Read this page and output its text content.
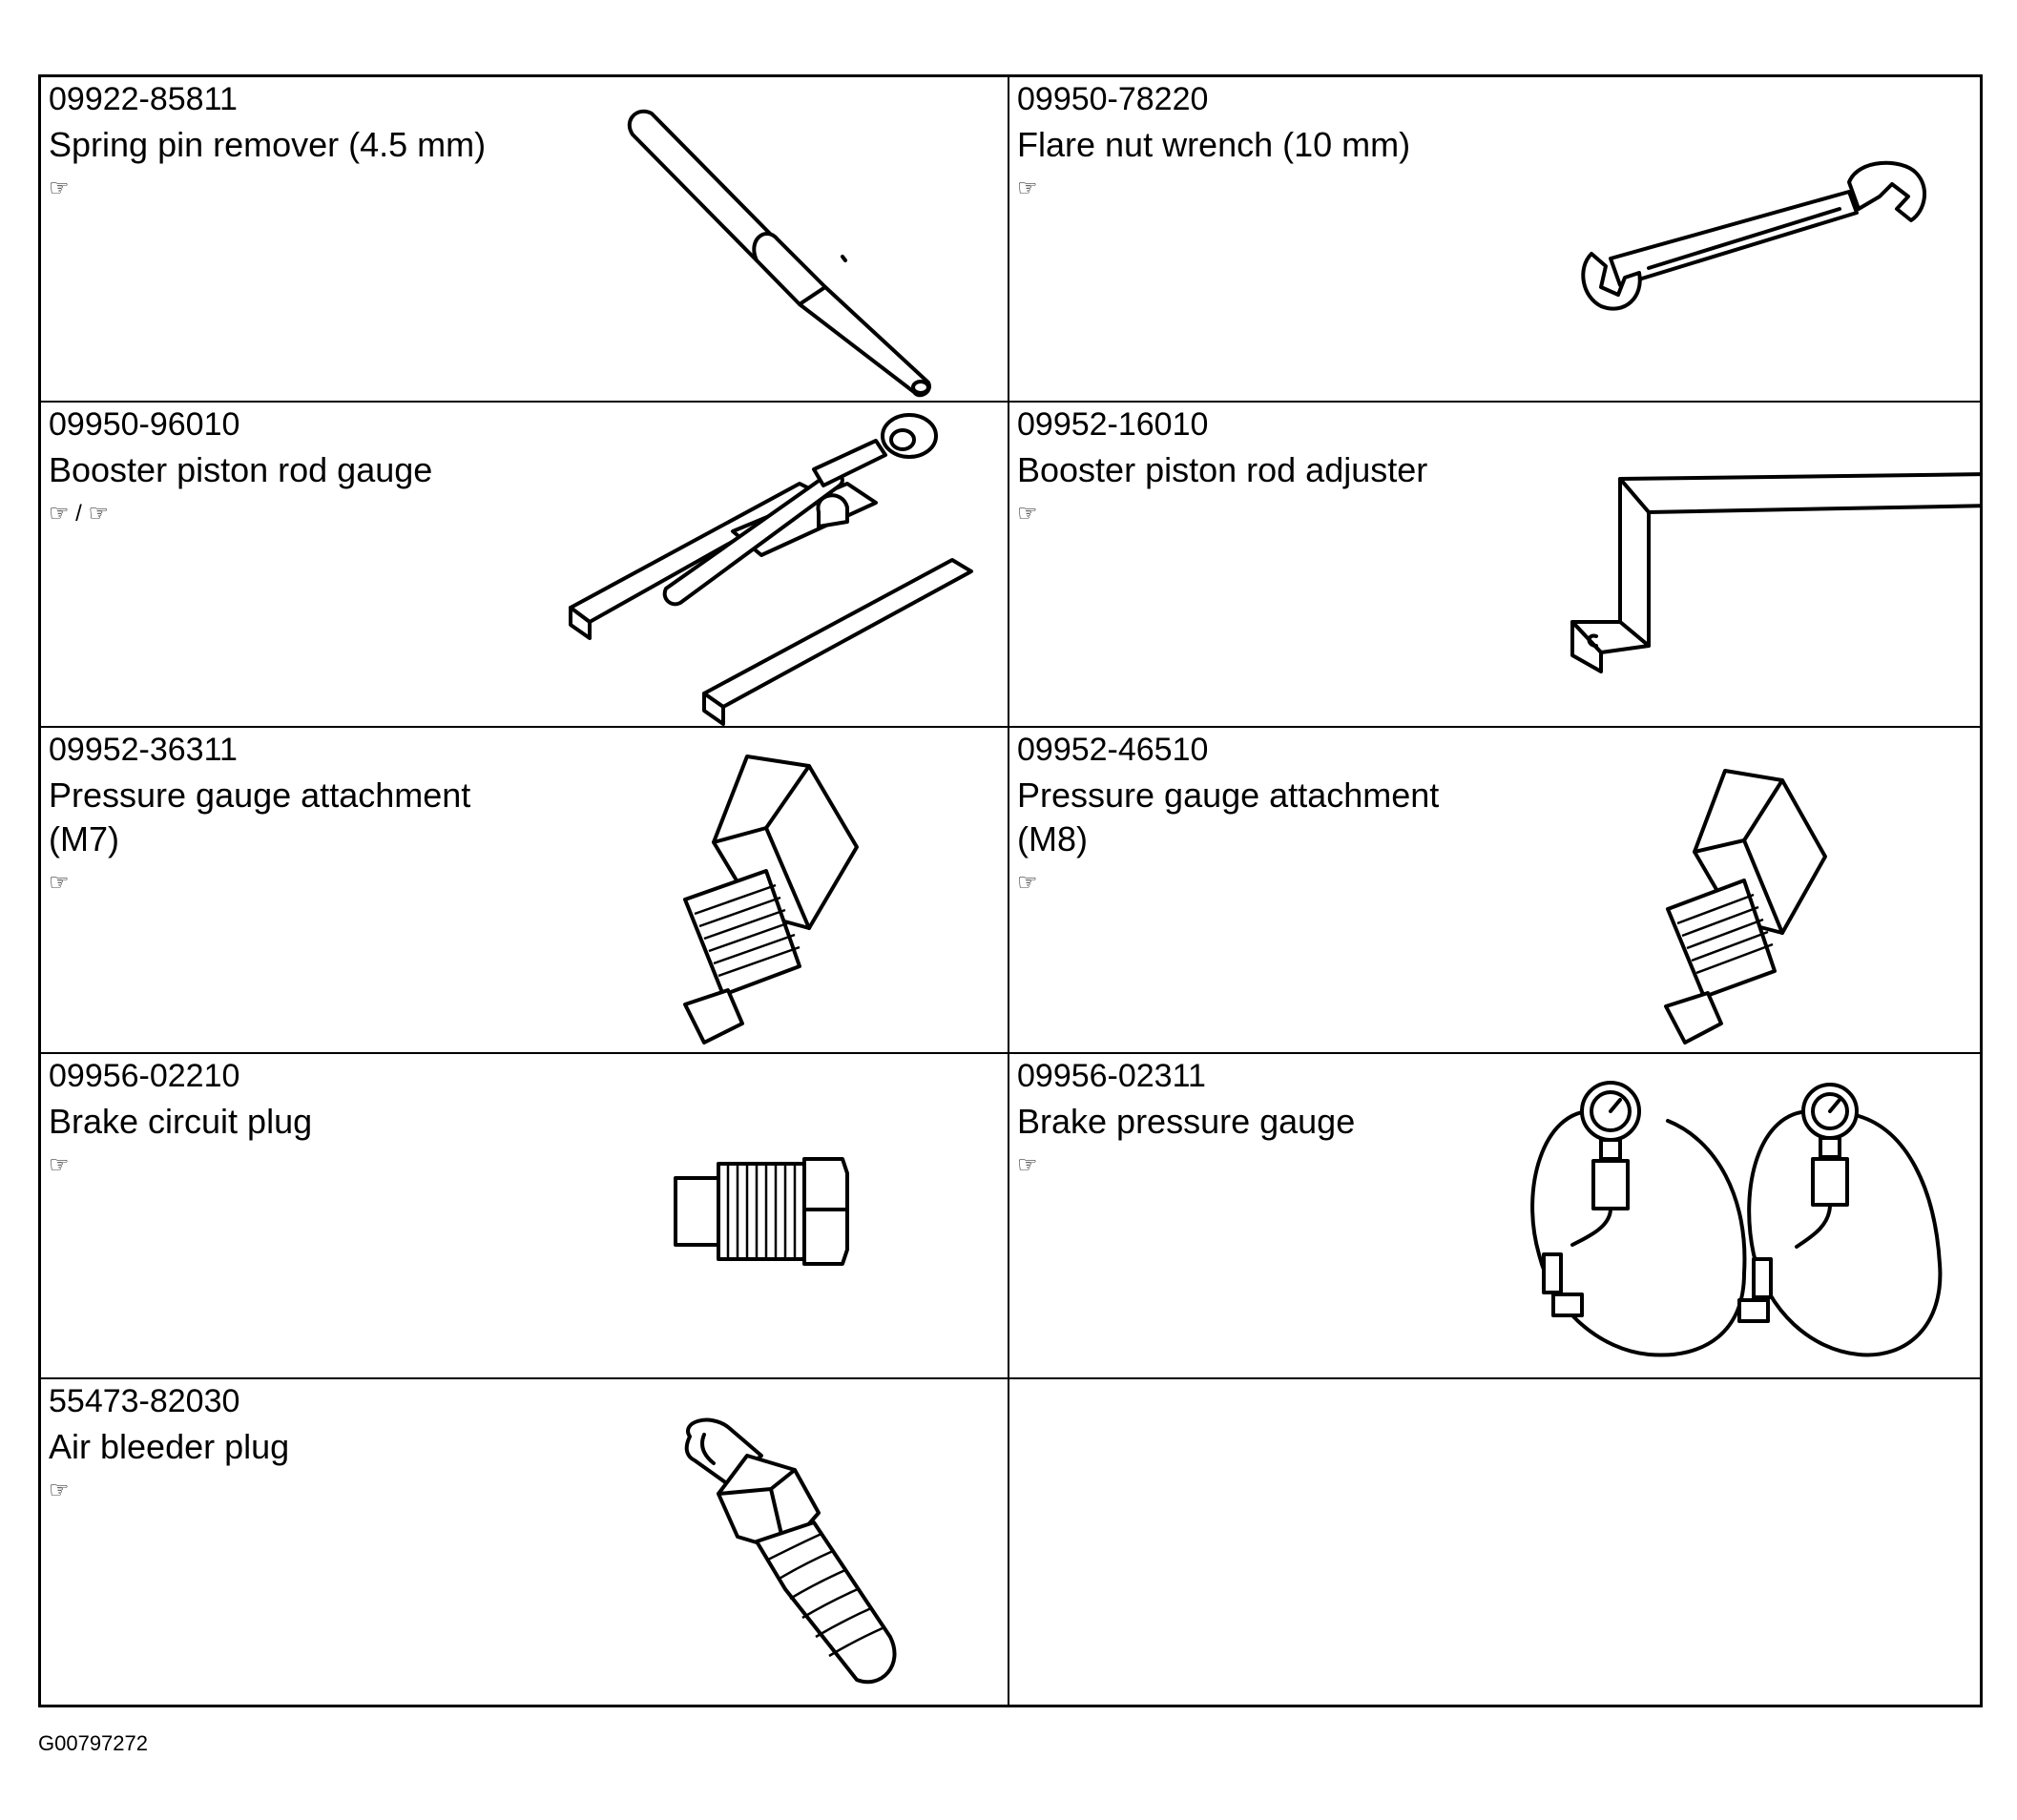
09922-85811
Spring pin remover (4.5 mm)
☞
09950-78220
Flare nut wrench (10 mm)
☞
09950-96010
Booster piston rod gauge
☞ / ☞
09952-16010
Booster piston rod adjuster
☞
09952-36311
Pressure gauge attachment
(M7)
☞
09952-46510
Pressure gauge attachment
(M8)
☞
09956-02210
Brake circuit plug
☞
09956-02311
Brake pressure gauge
☞
55473-82030
Air bleeder plug
☞
G00797272
